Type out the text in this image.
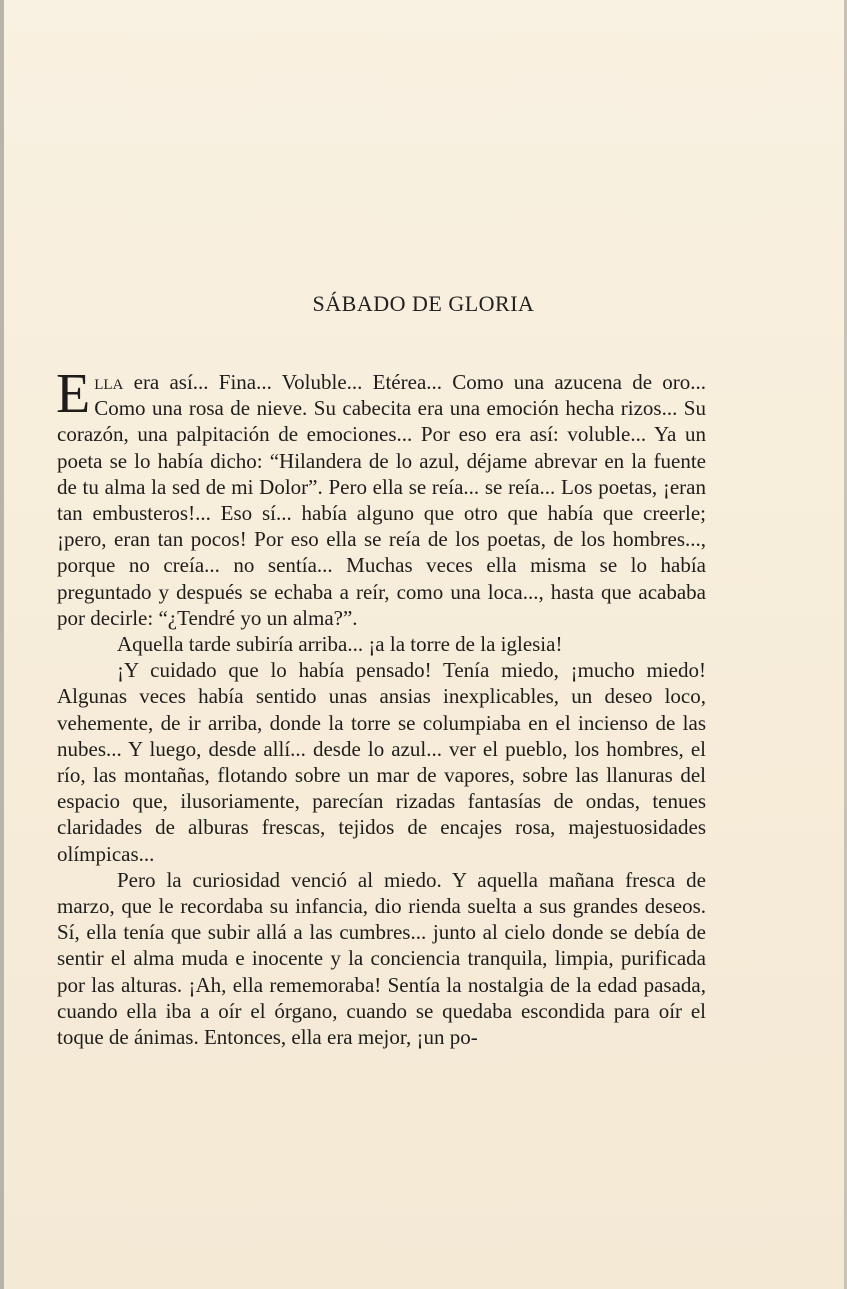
SÁBADO DE GLORIA

Ella era así... Fina... Voluble... Etérea... Como una azucena de oro... Como una rosa de nieve. Su cabecita era una emoción hecha rizos... Su corazón, una palpitación de emociones... Por eso era así: voluble... Ya un poeta se lo había dicho: “Hilandera de lo azul, déjame abrevar en la fuente de tu alma la sed de mi Dolor”. Pero ella se reía... se reía... Los poetas, ¡eran tan embusteros!... Eso sí... había alguno que otro que había que creerle; ¡pero, eran tan pocos! Por eso ella se reía de los poetas, de los hombres..., porque no creía... no sentía... Muchas veces ella misma se lo había preguntado y después se echaba a reír, como una loca..., hasta que acababa por decirle: “¿Tendré yo un alma?”.

Aquella tarde subiría arriba... ¡a la torre de la iglesia!

¡Y cuidado que lo había pensado! Tenía miedo, ¡mucho miedo! Algunas veces había sentido unas ansias inexplicables, un deseo loco, vehemente, de ir arriba, donde la torre se columpiaba en el incienso de las nubes... Y luego, desde allí... desde lo azul... ver el pueblo, los hombres, el río, las montañas, flotando sobre un mar de vapores, sobre las llanuras del espacio que, ilusoriamente, parecían rizadas fantasías de ondas, tenues claridades de alburas frescas, tejidos de encajes rosa, majestuosidades olímpicas...

Pero la curiosidad venció al miedo. Y aquella mañana fresca de marzo, que le recordaba su infancia, dio rienda suelta a sus grandes deseos. Sí, ella tenía que subir allá a las cumbres... junto al cielo donde se debía de sentir el alma muda e inocente y la conciencia tranquila, limpia, purificada por las alturas. ¡Ah, ella rememoraba! Sentía la nostalgia de la edad pasada, cuando ella iba a oír el órgano, cuando se quedaba escondida para oír el toque de ánimas. Entonces, ella era mejor, ¡un po-
